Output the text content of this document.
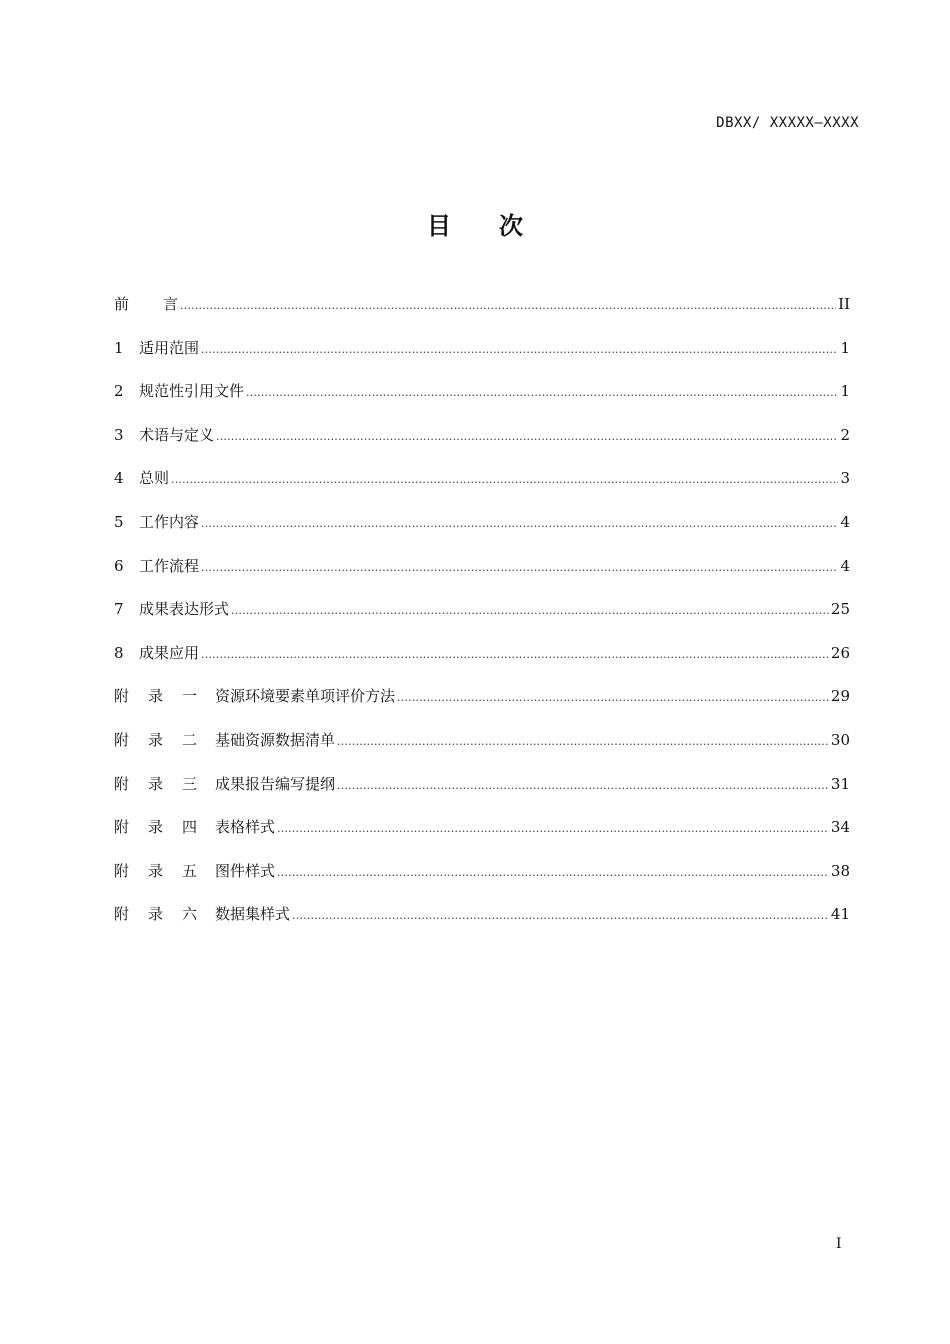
DBXX/ XXXXX—XXXX
目 次
前 言 .....	II
1	适用范围 .....	1
2	规范性引用文件 .....	1
3	术语与定义 .....	2
4	总则 .....	3
5	工作内容 .....	4
6	工作流程 .....	4
7	成果表达形式 .....	25
8	成果应用 .....	26
附	录	一	资源环境要素单项评价方法 .....	29
附	录	二	基础资源数据清单 .....	30
附	录	三	成果报告编写提纲 .....	31
附	录	四	表格样式 .....	34
附	录	五	图件样式 .....	38
附	录	六	数据集样式 .....	41
I
